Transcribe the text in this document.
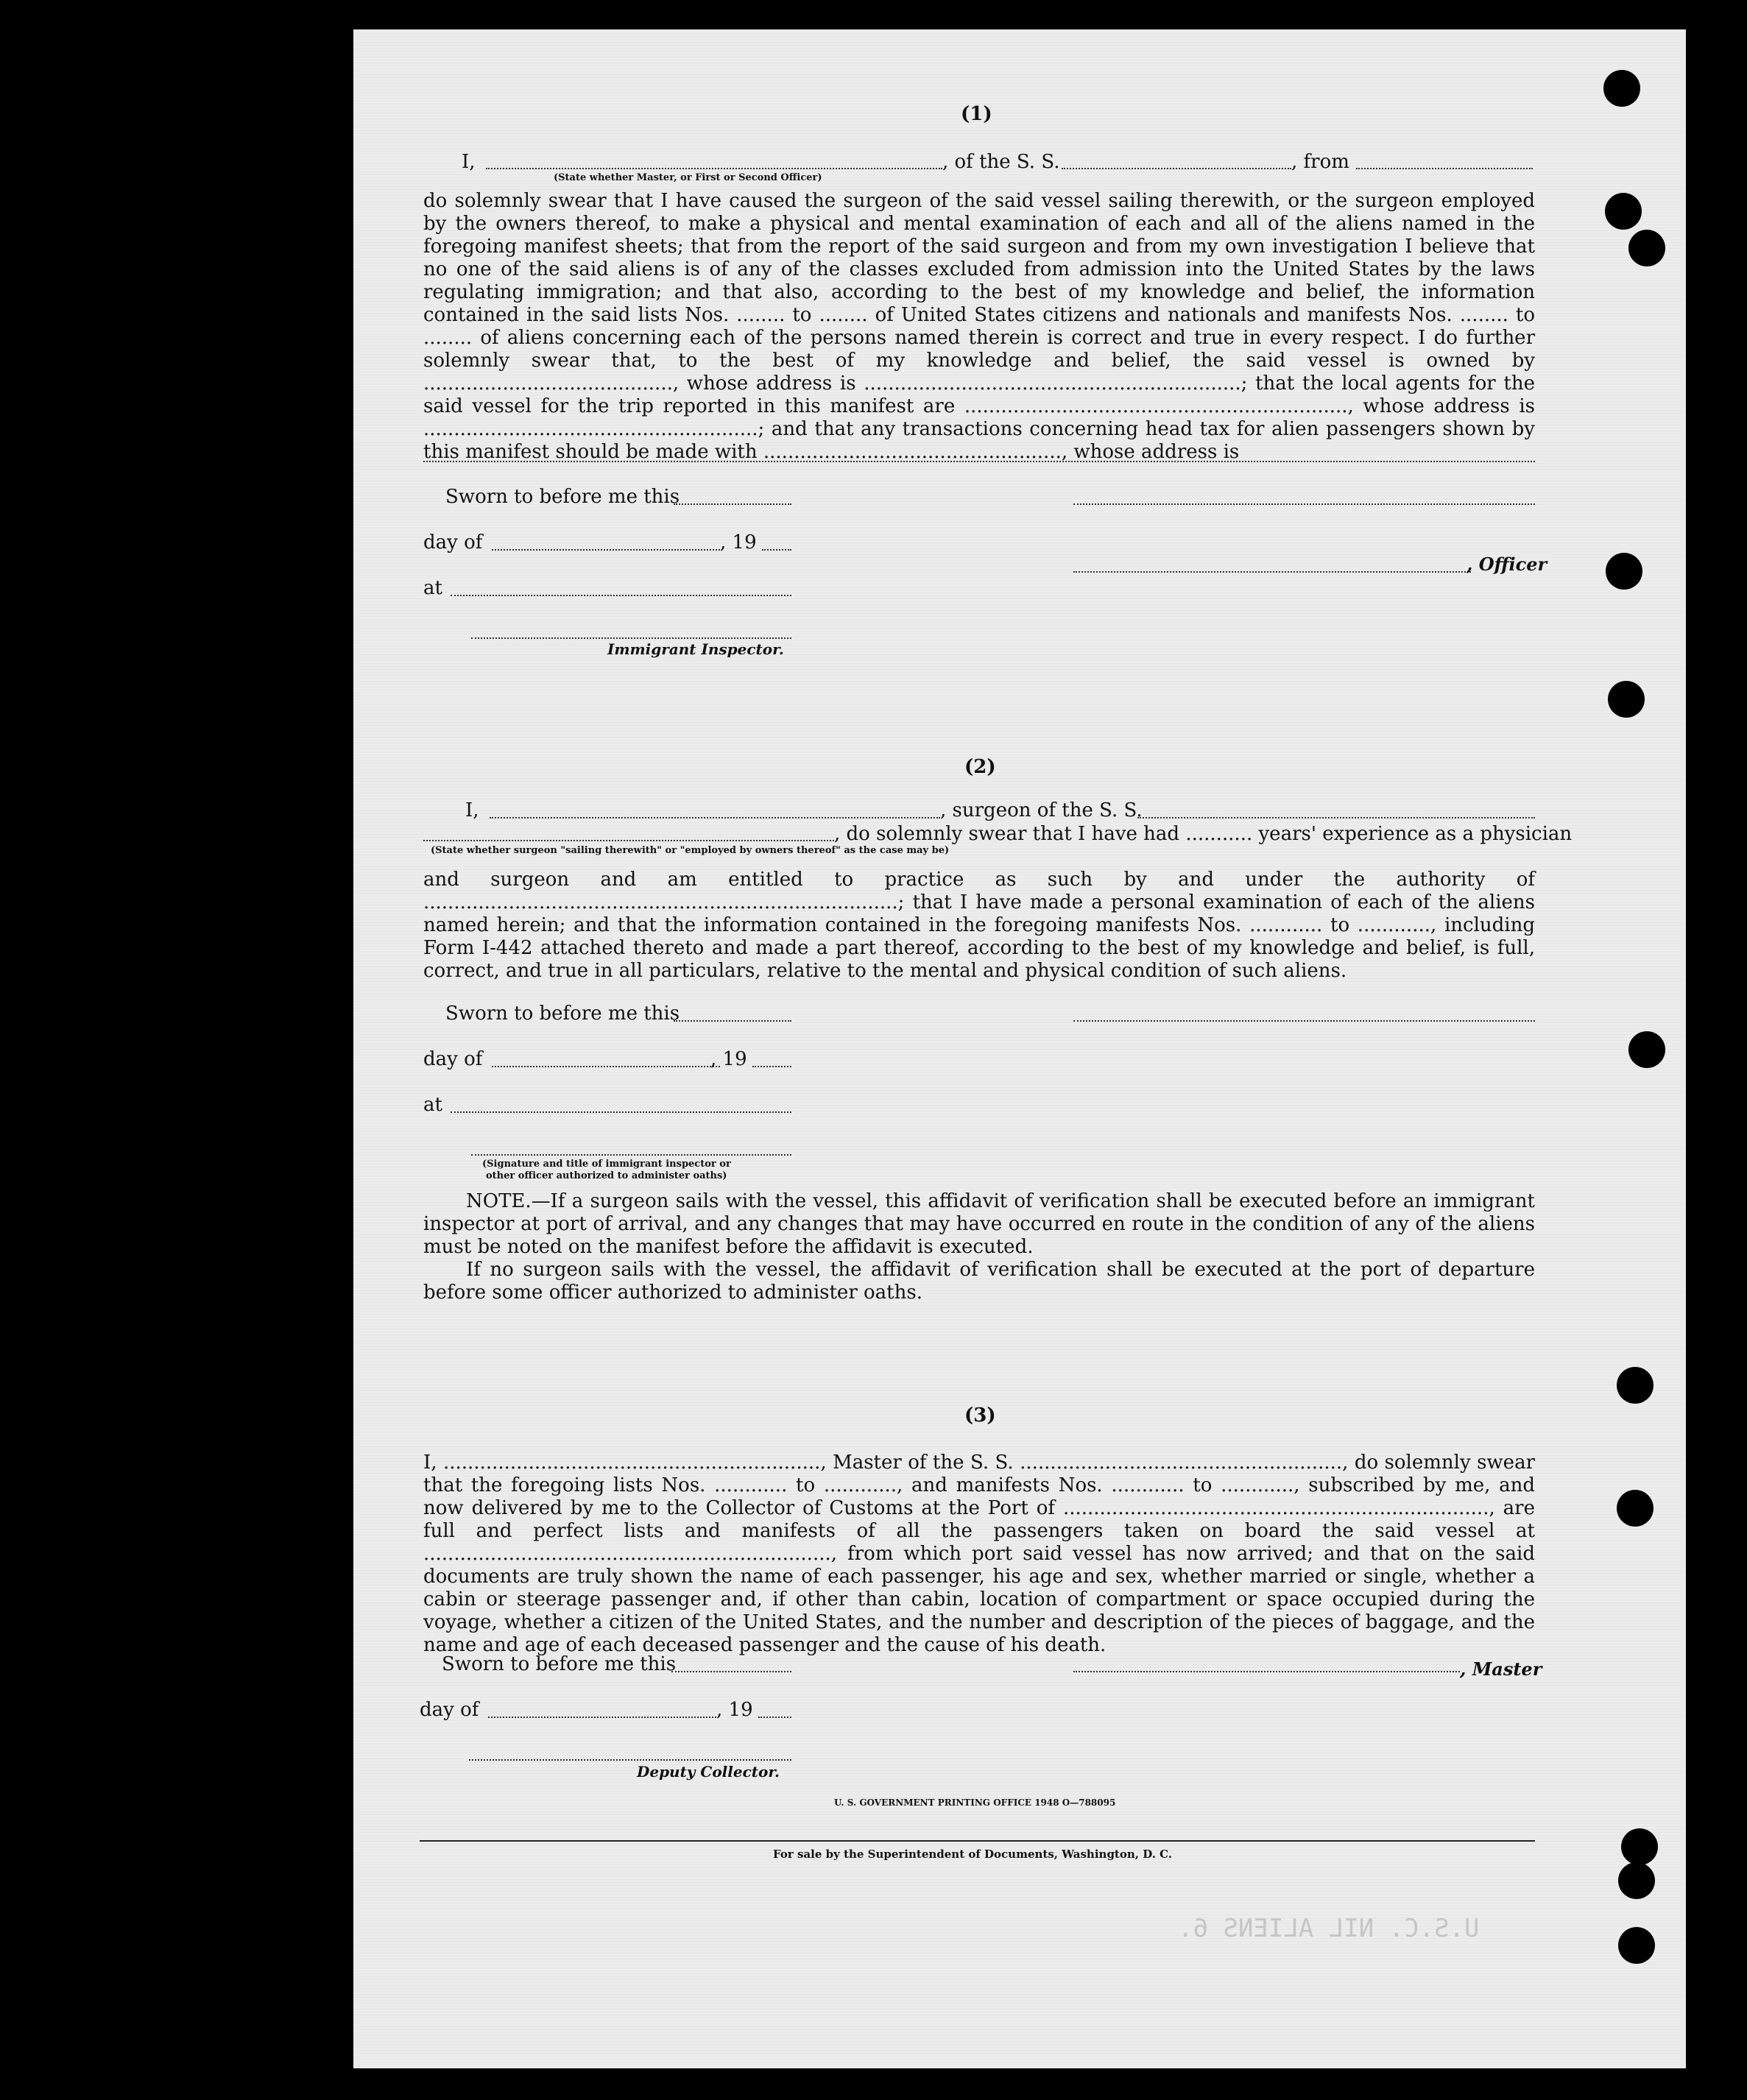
U.S.C. NIL ALIENS 6.
(1)
I,
(State whether Master, or First or Second Officer)
, of the S. S.	, from
do solemnly swear that I have caused the surgeon of the said vessel sailing therewith, or the surgeon employed by the owners thereof, to make a physical and mental examination of each and all of the aliens named in the foregoing manifest sheets; that from the report of the said surgeon and from my own investigation I believe that no one of the said aliens is of any of the classes excluded from admission into the United States by the laws regulating immigration; and that also, according to the best of my knowledge and belief, the information contained in the said lists Nos. ........ to ........ of United States citizens and nationals and manifests Nos. ........ to ........ of aliens concerning each of the persons named therein is correct and true in every respect. I do further solemnly swear that, to the best of my knowledge and belief, the said vessel is owned by ........................................., whose address is ..............................................................; that the local agents for the said vessel for the trip reported in this manifest are ..............................................................., whose address is .......................................................; and that any transactions concerning head tax for alien passengers shown by this manifest should be made with ................................................., whose address is
Sworn to before me this
day of	, 19
at
Immigrant Inspector.
, Officer
(2)
I,	, surgeon of the S. S.
, do solemnly swear that I have had ........... years' experience as a physician
(State whether surgeon "sailing therewith" or "employed by owners thereof" as the case may be)
and surgeon and am entitled to practice as such by and under the authority of ..............................................................................; that I have made a personal examination of each of the aliens named herein; and that the information contained in the foregoing manifests Nos. ............ to ............, including Form I-442 attached thereto and made a part thereof, according to the best of my knowledge and belief, is full, correct, and true in all particulars, relative to the mental and physical condition of such aliens.
Sworn to before me this
day of	, 19
at
(Signature and title of immigrant inspector or
other officer authorized to administer oaths)
NOTE.—If a surgeon sails with the vessel, this affidavit of verification shall be executed before an immigrant inspector at port of arrival, and any changes that may have occurred en route in the condition of any of the aliens must be noted on the manifest before the affidavit is executed.
If no surgeon sails with the vessel, the affidavit of verification shall be executed at the port of departure before some officer authorized to administer oaths.
(3)
I, .............................................................., Master of the S. S. ....................................................., do solemnly swear that the foregoing lists Nos. ............ to ............, and manifests Nos. ............ to ............, subscribed by me, and now delivered by me to the Collector of Customs at the Port of ......................................................................, are full and perfect lists and manifests of all the passengers taken on board the said vessel at ..................................................................., from which port said vessel has now arrived; and that on the said documents are truly shown the name of each passenger, his age and sex, whether married or single, whether a cabin or steerage passenger and, if other than cabin, location of compartment or space occupied during the voyage, whether a citizen of the United States, and the number and description of the pieces of baggage, and the name and age of each deceased passenger and the cause of his death.
Sworn to before me this	, Master
day of	, 19
Deputy Collector.
U. S. GOVERNMENT PRINTING OFFICE 1948 O—788095
For sale by the Superintendent of Documents, Washington, D. C.
